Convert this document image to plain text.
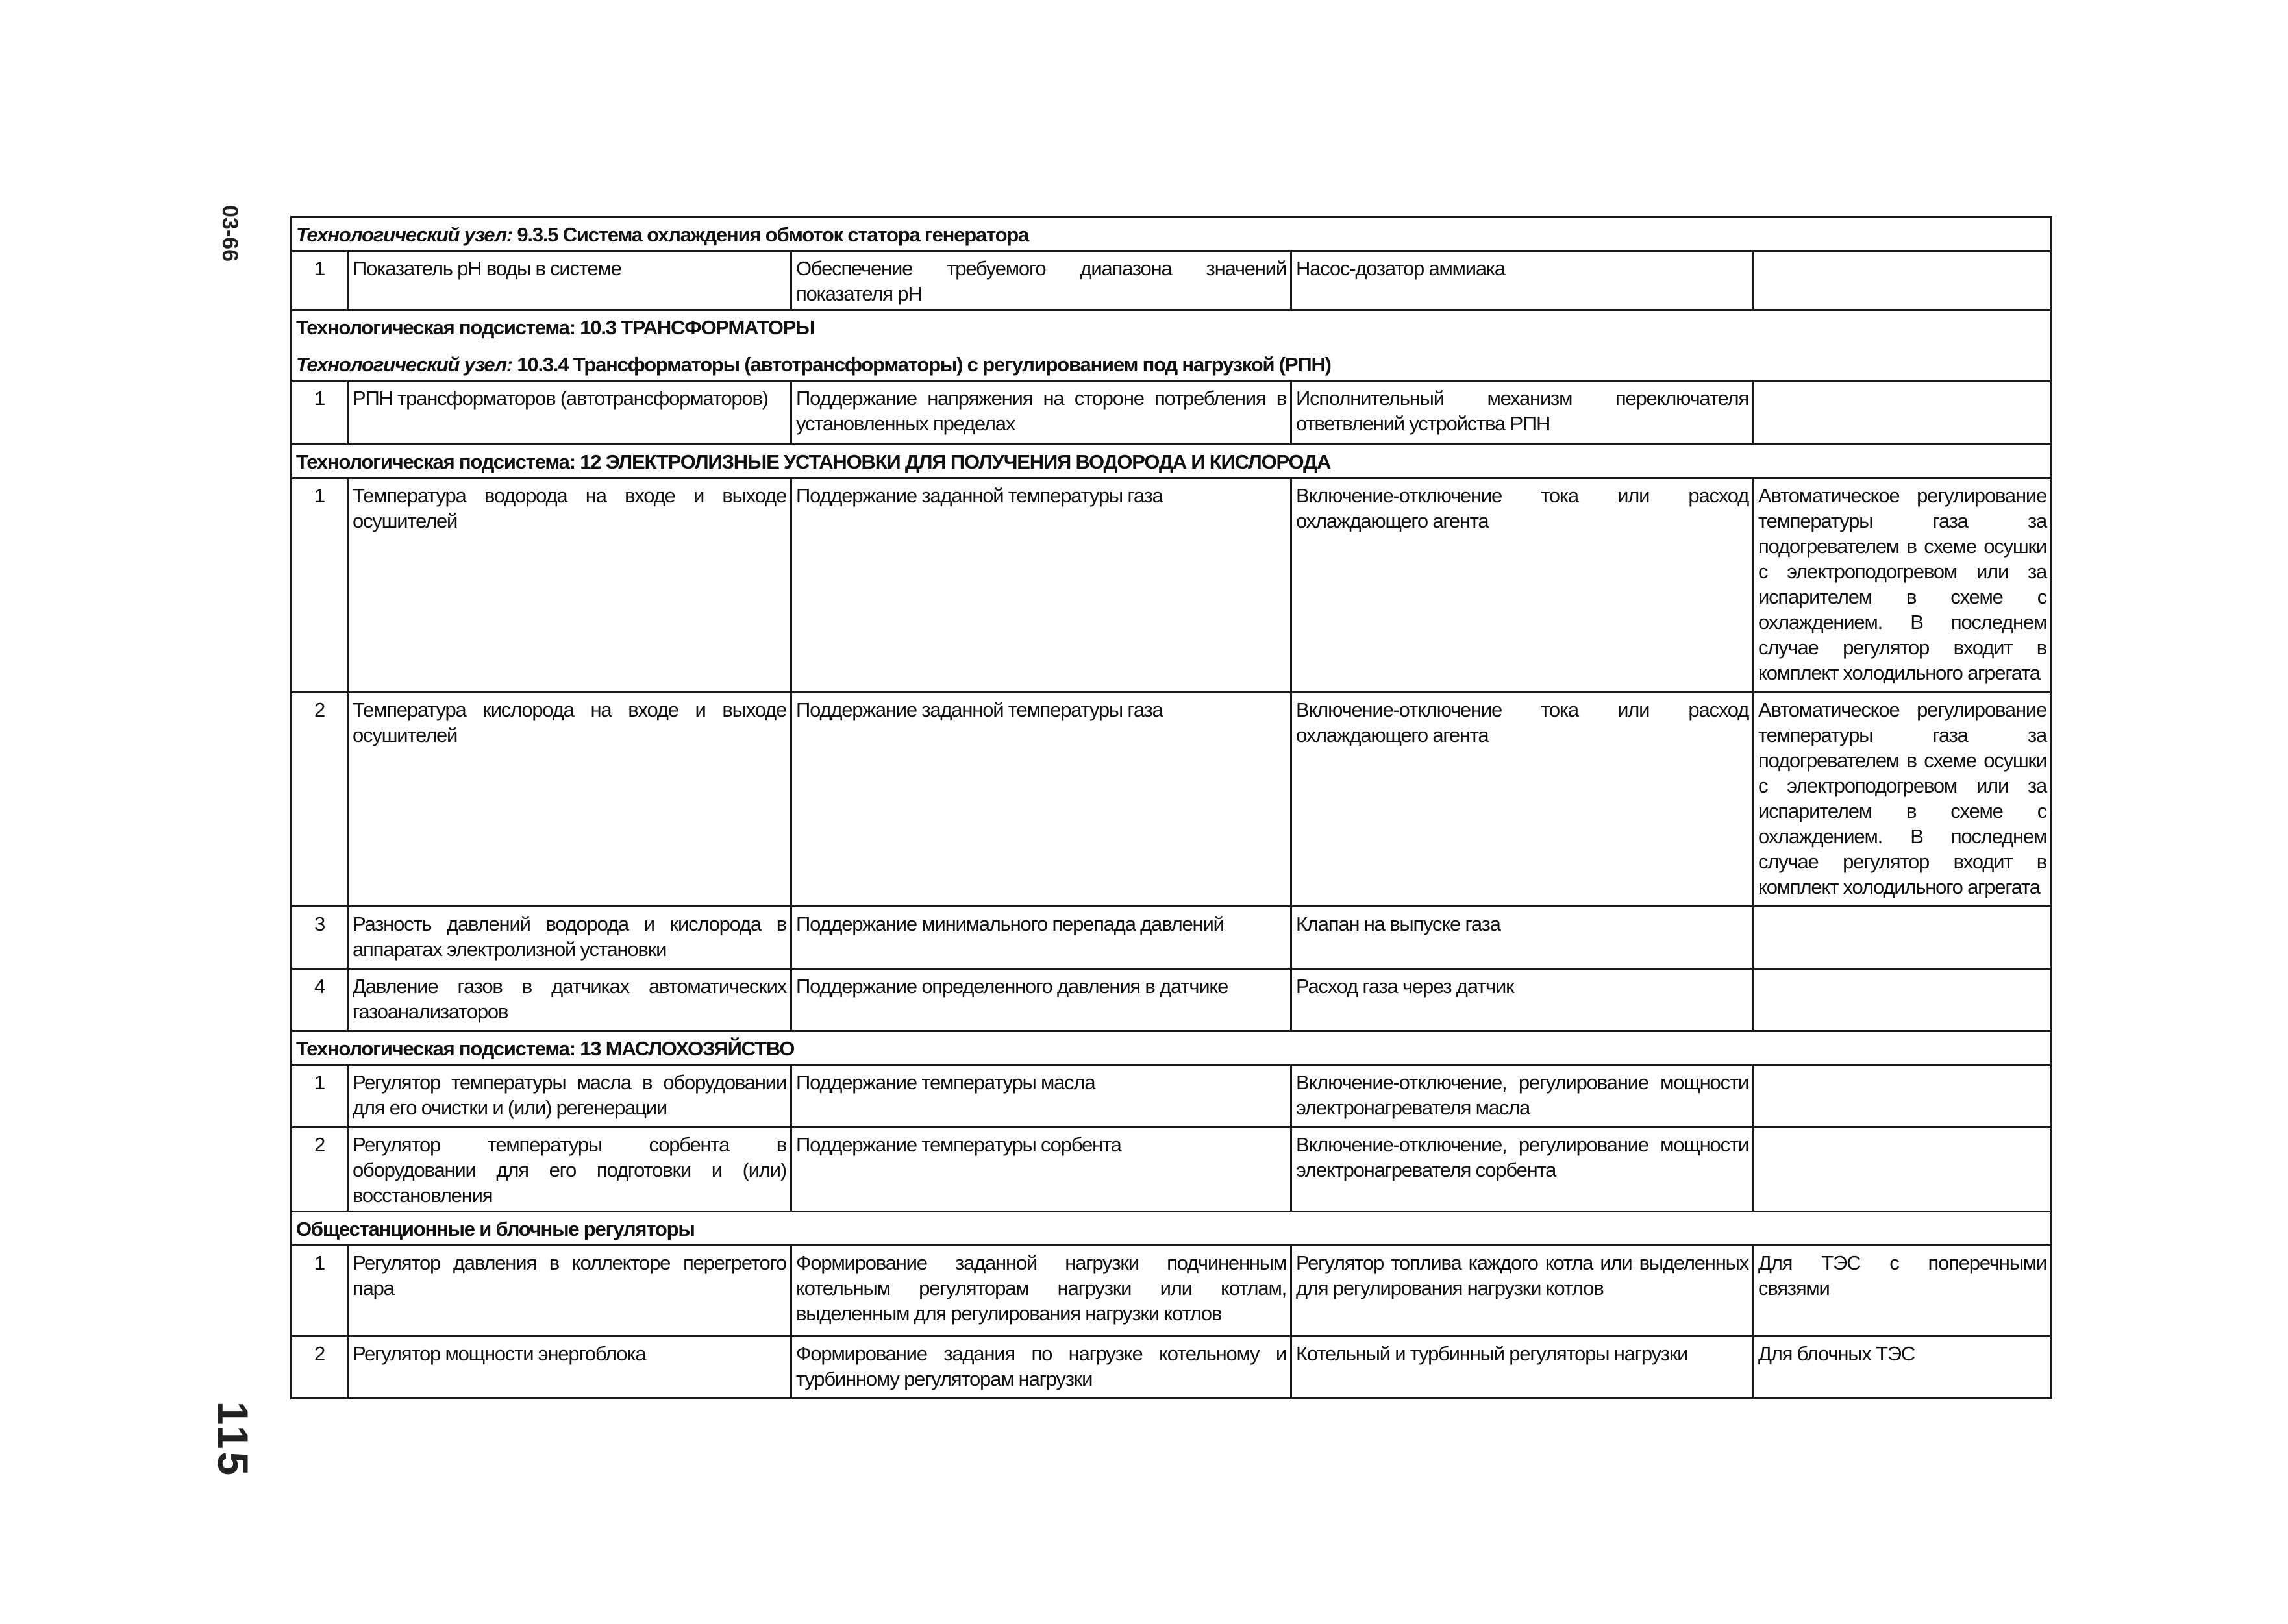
03-66
115
Технологический узел: 9.3.5 Система охлаждения обмоток статора генератора				

1	Показатель pH воды в системе	Обеспечение требуемого диапазона значений показателя pH	Насос-дозатор аммиака	

Технологическая подсистема: 10.3 ТРАНСФОРМАТОРЫ
Технологический узел: 10.3.4 Трансформаторы (автотрансформаторы) с регулированием под нагрузкой (РПН)				

1	РПН трансформаторов (автотрансформаторов)	Поддержание напряжения на стороне потребления в установленных пределах	Исполнительный механизм переключателя ответвлений устройства РПН	

Технологическая подсистема: 12 ЭЛЕКТРОЛИЗНЫЕ УСТАНОВКИ ДЛЯ ПОЛУЧЕНИЯ ВОДОРОДА И КИСЛОРОДА				

1	Температура водорода на входе и выходе осушителей	Поддержание заданной температуры газа	Включение-отключение тока или расход охлаждающего агента	Автоматическое регулирование температуры газа за подогревателем в схеме осушки с электроподогревом или за испарителем в схеме с охлаждением. В последнем случае регулятор входит в комплект холодильного агрегата
2	Температура кислорода на входе и выходе осушителей	Поддержание заданной температуры газа	Включение-отключение тока или расход охлаждающего агента	Автоматическое регулирование температуры газа за подогревателем в схеме осушки с электроподогревом или за испарителем в схеме с охлаждением. В последнем случае регулятор входит в комплект холодильного агрегата
3	Разность давлений водорода и кислорода в аппаратах электролизной установки	Поддержание минимального перепада давлений	Клапан на выпуске газа	
4	Давление газов в датчиках автоматических газоанализаторов	Поддержание определенного давления в датчике	Расход газа через датчик	

Технологическая подсистема: 13 МАСЛОХОЗЯЙСТВО				

1	Регулятор температуры масла в оборудовании для его очистки и (или) регенерации	Поддержание температуры масла	Включение-отключение, регулирование мощности электронагревателя масла	
2	Регулятор температуры сорбента в оборудовании для его подготовки и (или) восстановления	Поддержание температуры сорбента	Включение-отключение, регулирование мощности электронагревателя сорбента	

Общестанционные и блочные регуляторы				

1	Регулятор давления в коллекторе перегретого пара	Формирование заданной нагрузки подчиненным котельным регуляторам нагрузки или котлам, выделенным для регулирования нагрузки котлов	Регулятор топлива каждого котла или выделенных для регулирования нагрузки котлов	Для ТЭС с поперечными связями
2	Регулятор мощности энергоблока	Формирование задания по нагрузке котельному и турбинному регуляторам нагрузки	Котельный и турбинный регуляторы нагрузки	Для блочных ТЭС
